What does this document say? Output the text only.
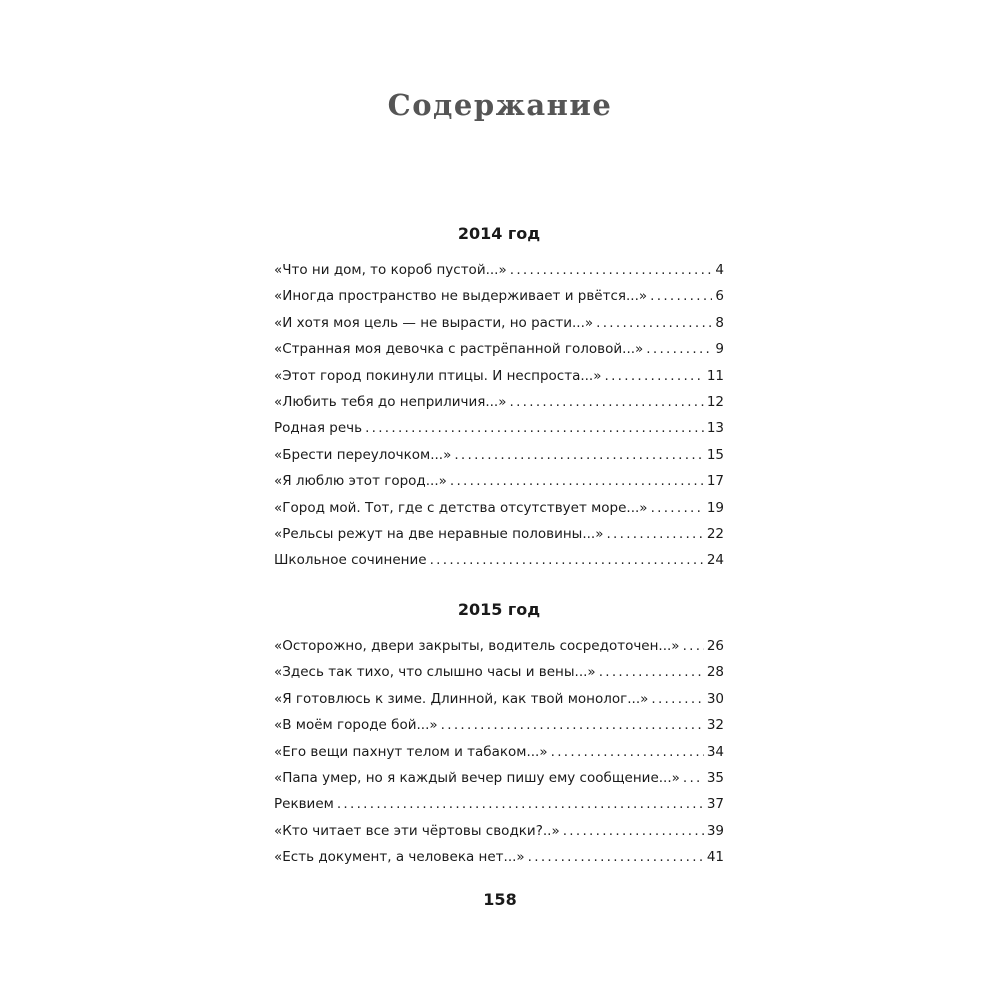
Содержание
2014 год
«Что ни дом, то короб пустой...» . . .	4
«Иногда пространство не выдерживает и рвётся...» . . .	6
«И хотя моя цель — не вырасти, но расти...» . . .	8
«Странная моя девочка с растрёпанной головой...» . . .	9
«Этот город покинули птицы. И неспроста...» . . .	11
«Любить тебя до неприличия...» . . .	12
Родная речь . . .	13
«Брести переулочком...» . . .	15
«Я люблю этот город...» . . .	17
«Город мой. Тот, где с детства отсутствует море...» . . .	19
«Рельсы режут на две неравные половины...» . . .	22
Школьное сочинение . . .	24
2015 год
«Осторожно, двери закрыты, водитель сосредоточен...» . . . 26
«Здесь так тихо, что слышно часы и вены...» . . .	28
«Я готовлюсь к зиме. Длинной, как твой монолог...» . . .	30
«В моём городе бой...» . . .	32
«Его вещи пахнут телом и табаком...» . . .	34
«Папа умер, но я каждый вечер пишу ему сообщение...» . . . 35
Реквием . . .	37
«Кто читает все эти чёртовы сводки?..» . . .	39
«Есть документ, а человека нет...» . . .	41
158
